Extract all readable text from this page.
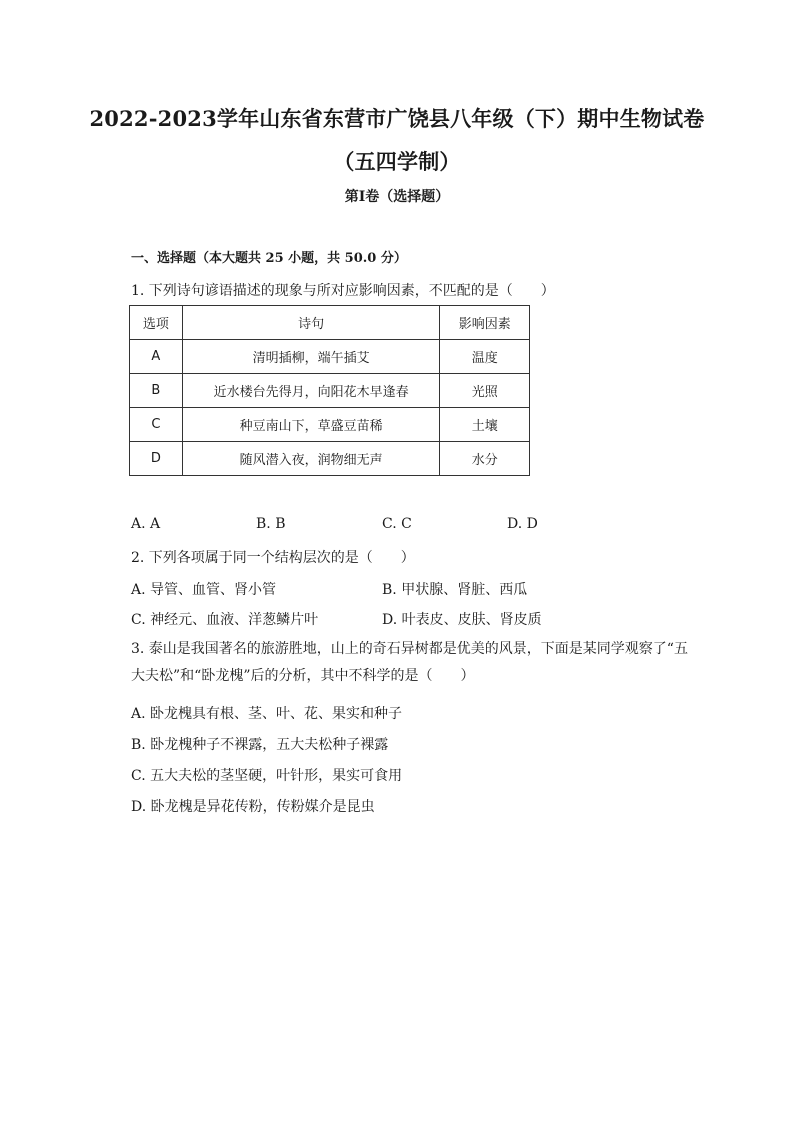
2022-2023学年山东省东营市广饶县八年级（下）期中生物试卷
（五四学制）
第I卷（选择题）
一、选择题（本大题共 25 小题，共 50.0 分）
1. 下列诗句谚语描述的现象与所对应影响因素，不匹配的是（　　）
选项	诗句	影响因素
A	清明插柳，端午插艾	温度
B	近水楼台先得月，向阳花木早逢春	光照
C	种豆南山下，草盛豆苗稀	土壤
D	随风潜入夜，润物细无声	水分
A. A	B. B	C. C	D. D
2. 下列各项属于同一个结构层次的是（　　）
A. 导管、血管、肾小管	B. 甲状腺、肾脏、西瓜
C. 神经元、血液、洋葱鳞片叶	D. 叶表皮、皮肤、肾皮质
3. 泰山是我国著名的旅游胜地，山上的奇石异树都是优美的风景，下面是某同学观察了“五大夫松”和“卧龙槐”后的分析，其中不科学的是（　　）
A. 卧龙槐具有根、茎、叶、花、果实和种子
B. 卧龙槐种子不裸露，五大夫松种子裸露
C. 五大夫松的茎坚硬，叶针形，果实可食用
D. 卧龙槐是异花传粉，传粉媒介是昆虫
